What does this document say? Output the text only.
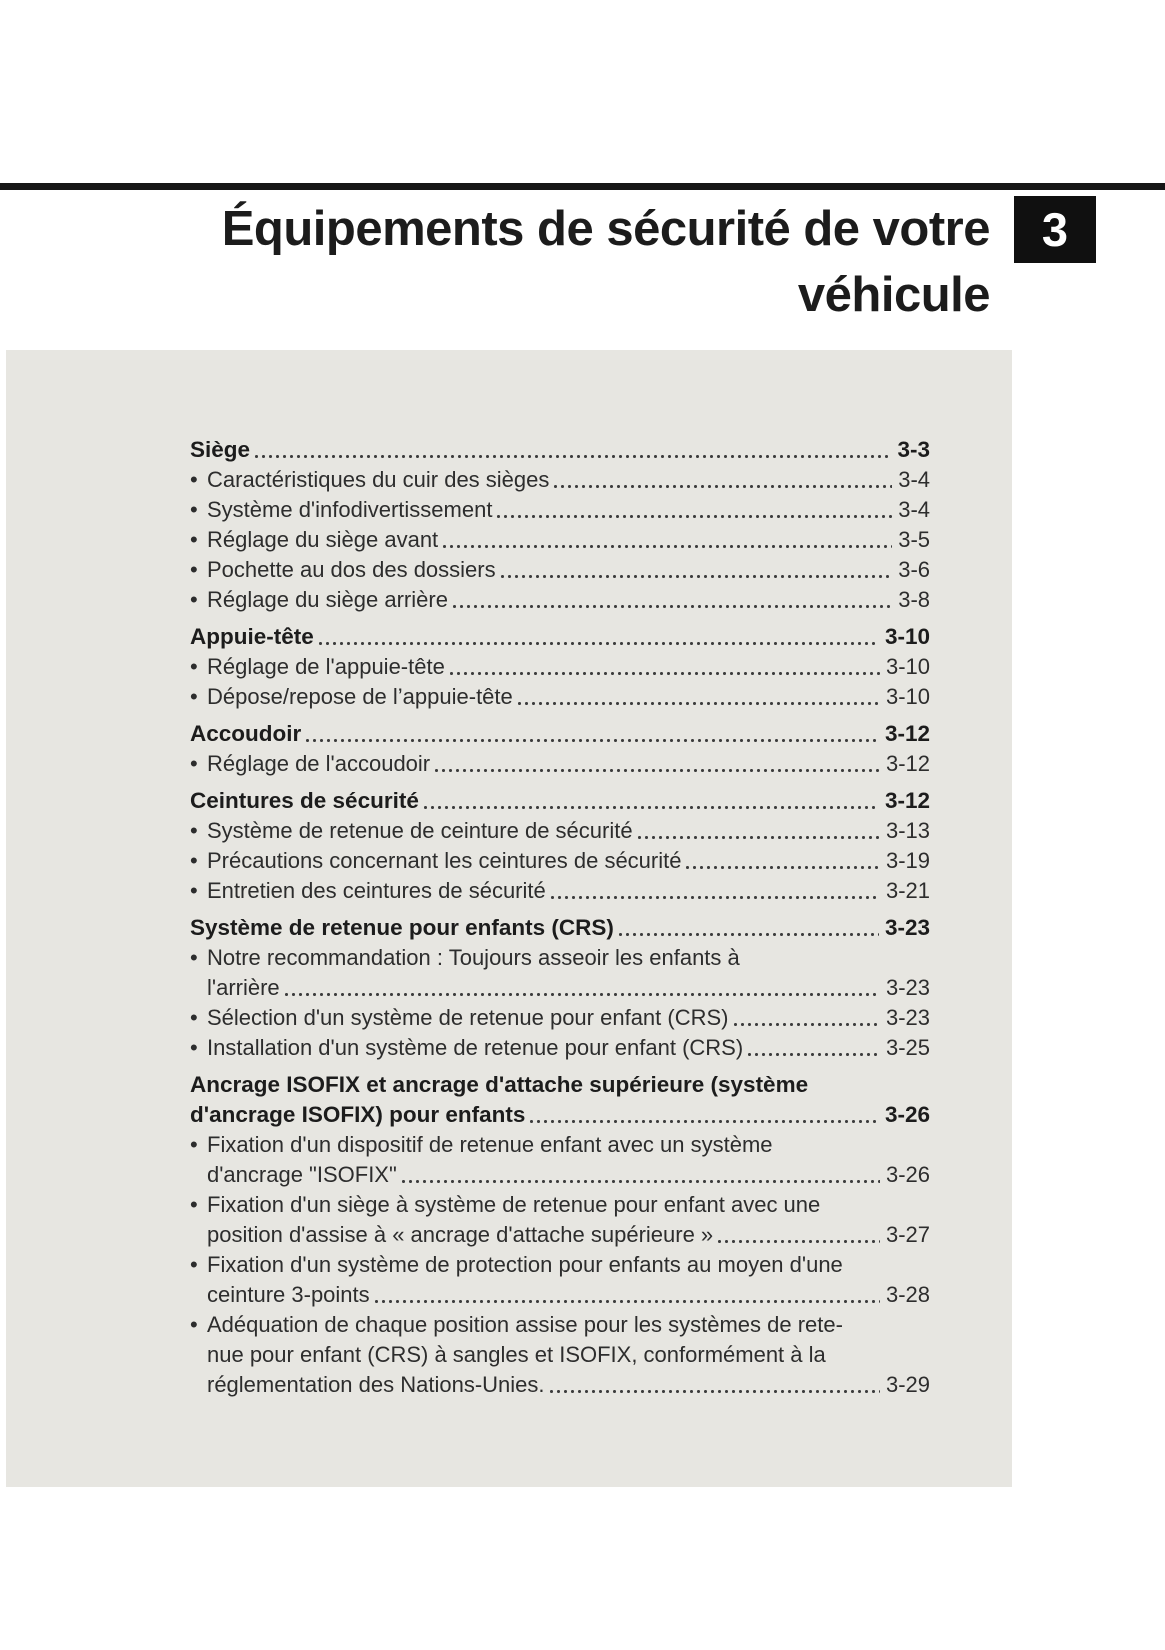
Équipements de sécurité de votre
véhicule
3
Siège	3-3
• Caractéristiques du cuir des sièges	3-4
• Système d'infodivertissement	3-4
• Réglage du siège avant	3-5
• Pochette au dos des dossiers	3-6
• Réglage du siège arrière	3-8
Appuie-tête	3-10
• Réglage de l'appuie-tête	3-10
• Dépose/repose de l’appuie-tête	3-10
Accoudoir	3-12
• Réglage de l'accoudoir	3-12
Ceintures de sécurité	3-12
• Système de retenue de ceinture de sécurité	3-13
• Précautions concernant les ceintures de sécurité	3-19
• Entretien des ceintures de sécurité	3-21
Système de retenue pour enfants (CRS)	3-23
• Notre recommandation : Toujours asseoir les enfants à
l'arrière	3-23
• Sélection d'un système de retenue pour enfant (CRS)	3-23
• Installation d'un système de retenue pour enfant (CRS)	3-25
Ancrage ISOFIX et ancrage d'attache supérieure (système
d'ancrage ISOFIX) pour enfants	3-26
• Fixation d'un dispositif de retenue enfant avec un système
d'ancrage "ISOFIX"	3-26
• Fixation d'un siège à système de retenue pour enfant avec une
position d'assise à « ancrage d'attache supérieure »	3-27
• Fixation d'un système de protection pour enfants au moyen d'une
ceinture 3-points	3-28
• Adéquation de chaque position assise pour les systèmes de rete-
nue pour enfant (CRS) à sangles et ISOFIX, conformément à la
réglementation des Nations-Unies.	3-29
